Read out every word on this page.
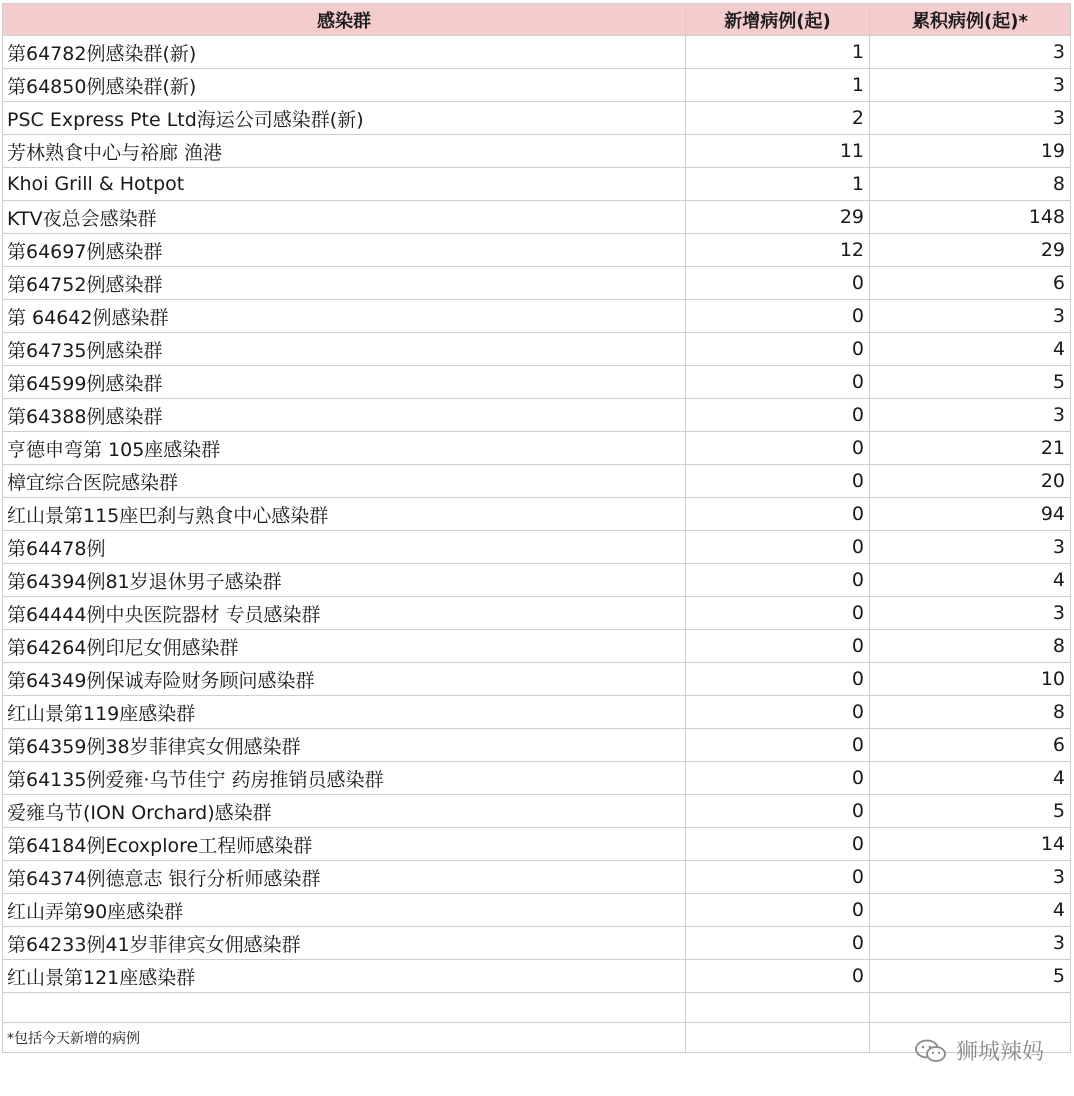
感染群	新增病例(起)	累积病例(起)*
第64782例感染群(新)	1	3
第64850例感染群(新)	1	3
PSC Express Pte Ltd海运公司感染群(新)	2	3
芳林熟食中心与裕廊 渔港	11	19
Khoi Grill & Hotpot	1	8
KTV夜总会感染群	29	148
第64697例感染群	12	29
第64752例感染群	0	6
第 64642例感染群	0	3
第64735例感染群	0	4
第64599例感染群	0	5
第64388例感染群	0	3
亨德申弯第 105座感染群	0	21
樟宜综合医院感染群	0	20
红山景第115座巴刹与熟食中心感染群	0	94
第64478例	0	3
第64394例81岁退休男子感染群	0	4
第64444例中央医院器材 专员感染群	0	3
第64264例印尼女佣感染群	0	8
第64349例保诚寿险财务顾问感染群	0	10
红山景第119座感染群	0	8
第64359例38岁菲律宾女佣感染群	0	6
第64135例爱雍·乌节佳宁 药房推销员感染群	0	4
爱雍乌节(ION Orchard)感染群	0	5
第64184例Ecoxplore工程师感染群	0	14
第64374例德意志 银行分析师感染群	0	3
红山弄第90座感染群	0	4
第64233例41岁菲律宾女佣感染群	0	3
红山景第121座感染群	0	5

*包括今天新增的病例		
狮城辣妈
